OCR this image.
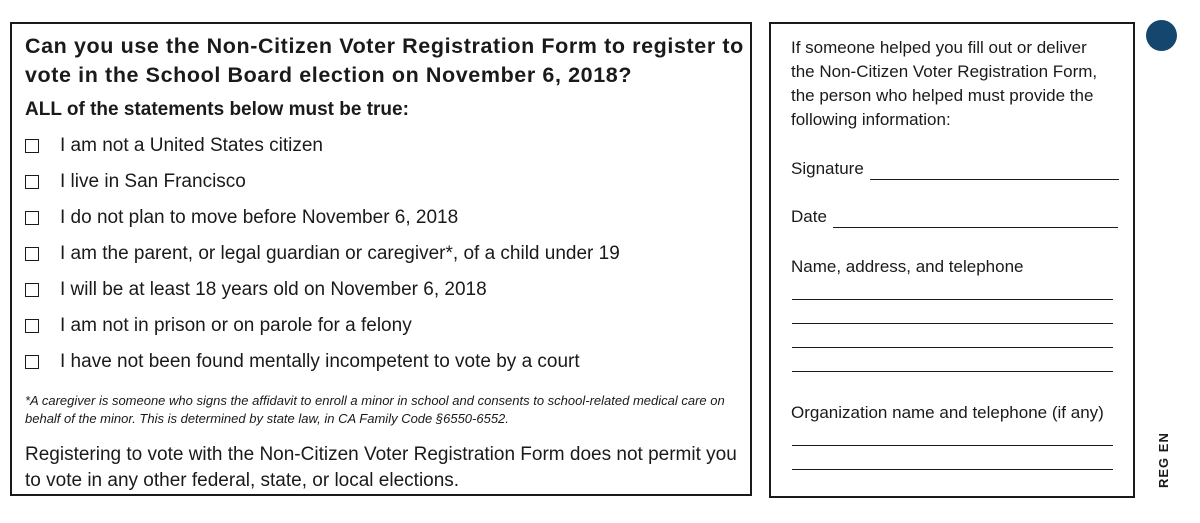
Can you use the Non-Citizen Voter Registration Form to register to vote in the School Board election on November 6, 2018?
ALL of the statements below must be true:
I am not a United States citizen
I live in San Francisco
I do not plan to move before November 6, 2018
I am the parent, or legal guardian or caregiver*, of a child under 19
I will be at least 18 years old on November 6, 2018
I am not in prison or on parole for a felony
I have not been found mentally incompetent to vote by a court
*A caregiver is someone who signs the affidavit to enroll a minor in school and consents to school-related medical care on behalf of the minor. This is determined by state law, in CA Family Code §6550-6552.
Registering to vote with the Non-Citizen Voter Registration Form does not permit you to vote in any other federal, state, or local elections.
If someone helped you fill out or deliver the Non-Citizen Voter Registration Form, the person who helped must provide the following information:
Signature
Date
Name, address, and telephone
Organization name and telephone (if any)
REG EN
